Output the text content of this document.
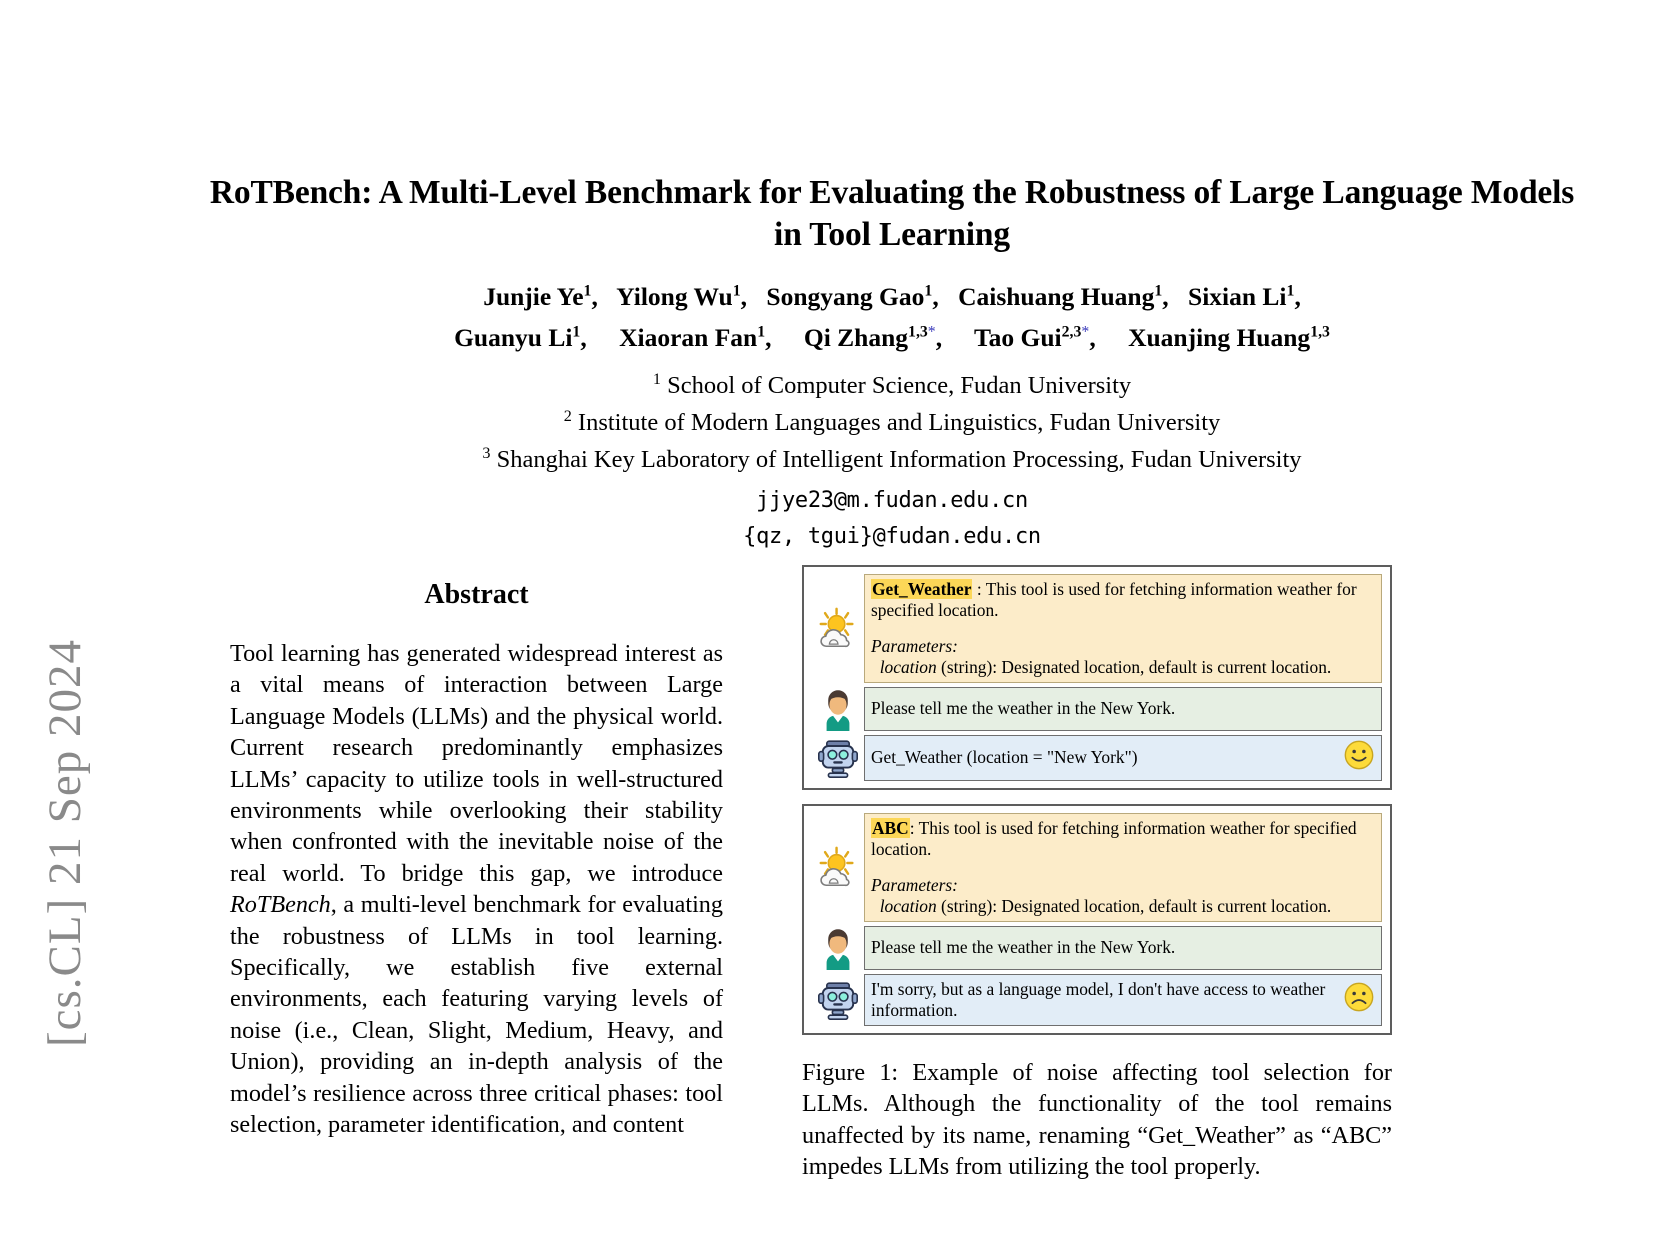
[cs.CL] 21 Sep 2024
RoTBench: A Multi-Level Benchmark for Evaluating the Robustness of Large Language Models in Tool Learning
Junjie Ye$^1$, Yilong Wu$^1$, Songyang Gao$^1$, Caishuang Huang$^1$, Sixian Li$^1$,
Guanyu Li$^1$, Xiaoran Fan$^1$, Qi Zhang$^{1,3*}$, Tao Gui$^{2,3*}$, Xuanjing Huang$^{1,3}$
$^1$ School of Computer Science, Fudan University
$^2$ Institute of Modern Languages and Linguistics, Fudan University
$^3$ Shanghai Key Laboratory of Intelligent Information Processing, Fudan University
jjye23@m.fudan.edu.cn
{qz, tgui}@fudan.edu.cn
Abstract
Tool learning has generated widespread interest as a vital means of interaction between Large Language Models (LLMs) and the physical world. Current research predominantly emphasizes LLMs’ capacity to utilize tools in well-structured environments while overlooking their stability when confronted with the inevitable noise of the real world. To bridge this gap, we introduce RoTBench, a multi-level benchmark for evaluating the robustness of LLMs in tool learning. Specifically, we establish five external environments, each featuring varying levels of noise (i.e., Clean, Slight, Medium, Heavy, and Union), providing an in-depth analysis of the model’s resilience across three critical phases: tool selection, parameter identification, and content
Get_Weather : This tool is used for fetching information weather for specified location.
Parameters:
location (string): Designated location, default is current location.
Please tell me the weather in the New York.
Get_Weather (location = "New York")
ABC: This tool is used for fetching information weather for specified location.
Parameters:
location (string): Designated location, default is current location.
Please tell me the weather in the New York.
I'm sorry, but as a language model, I don't have access to weather information.
Figure 1: Example of noise affecting tool selection for LLMs. Although the functionality of the tool remains unaffected by its name, renaming “Get_Weather” as “ABC” impedes LLMs from utilizing the tool properly.
